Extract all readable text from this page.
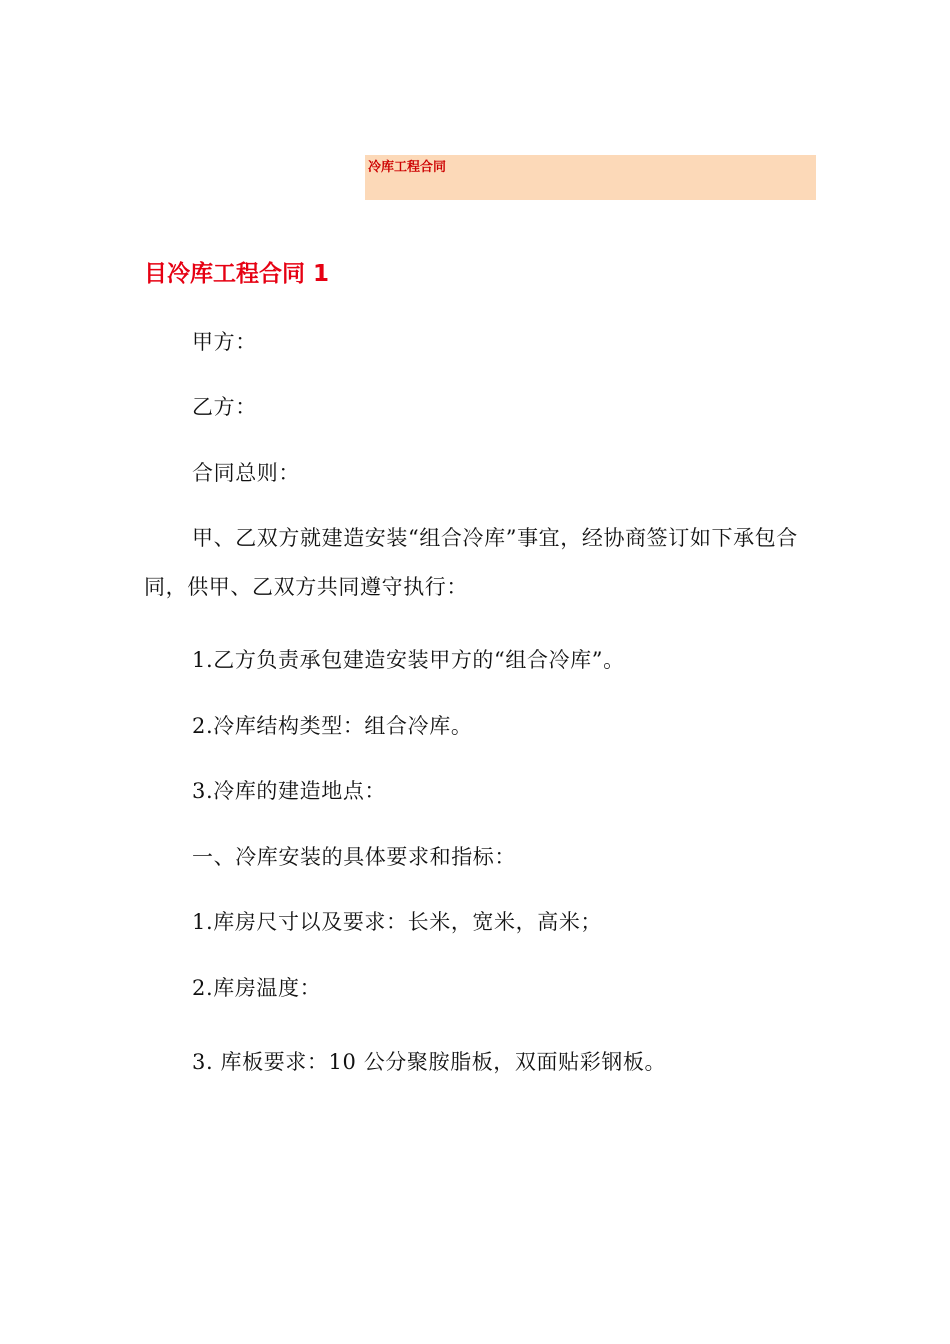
冷库工程合同
目冷库工程合同 1

甲方：

乙方：

合同总则：

甲、乙双方就建造安装“组合冷库”事宜，经协商签订如下承包合同，供甲、乙双方共同遵守执行：

1.乙方负责承包建造安装甲方的“组合冷库”。

2.冷库结构类型：组合冷库。

3.冷库的建造地点：

一、冷库安装的具体要求和指标：

1.库房尺寸以及要求：长米，宽米，高米；

2.库房温度：

3. 库板要求：10 公分聚胺脂板，双面贴彩钢板。
